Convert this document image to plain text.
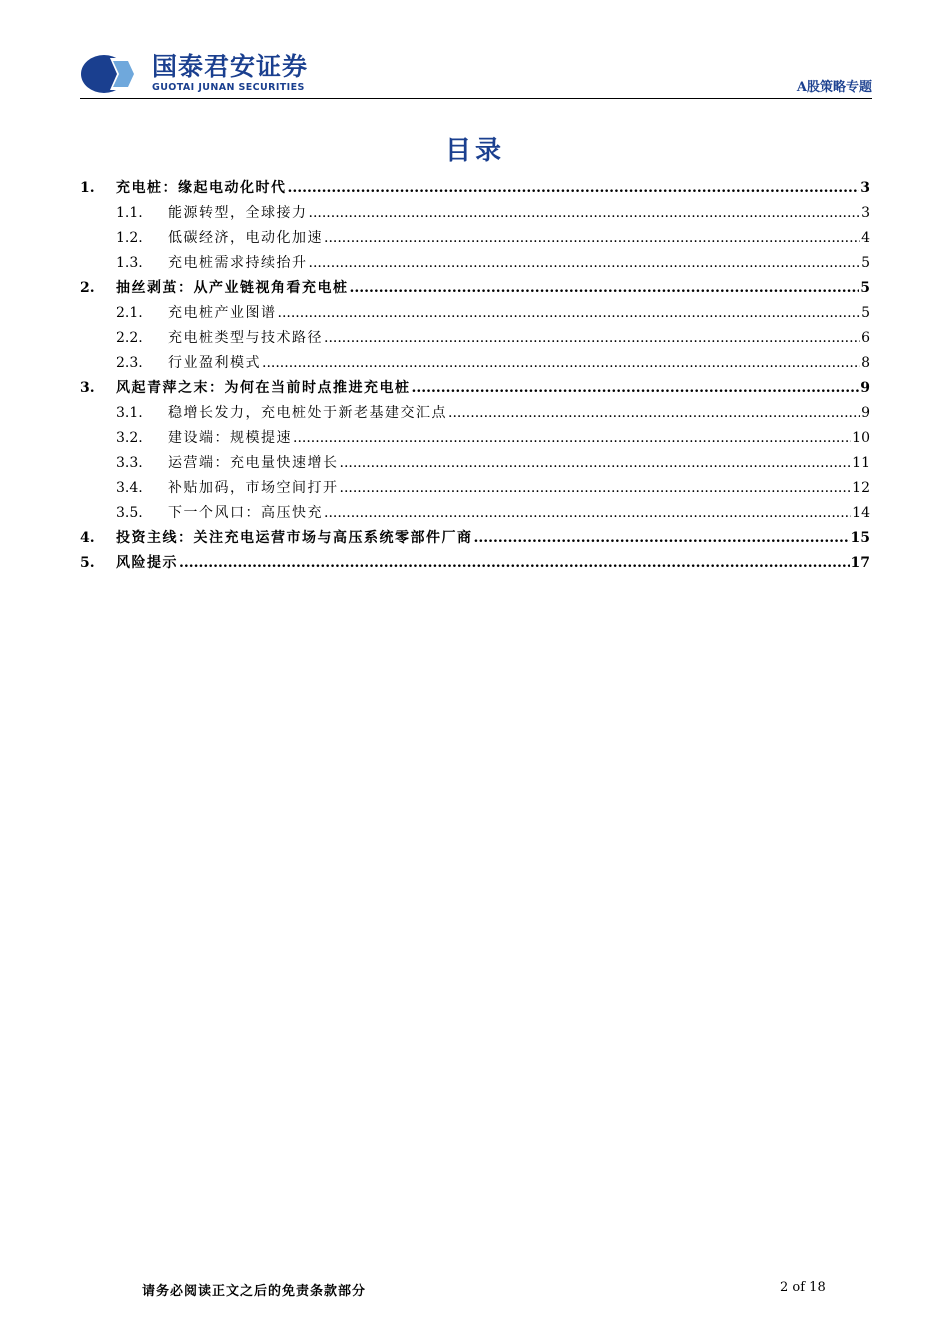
国泰君安证券
GUOTAI JUNAN SECURITIES	A股策略专题
目录
1.	充电桩：缘起电动化时代 .....	3
1.1.	能源转型，全球接力 .....	3
1.2.	低碳经济，电动化加速 .....	4
1.3.	充电桩需求持续抬升 .....	5
2.	抽丝剥茧：从产业链视角看充电桩 .....	5
2.1.	充电桩产业图谱 .....	5
2.2.	充电桩类型与技术路径 .....	6
2.3.	行业盈利模式 .....	8
3.	风起青萍之末：为何在当前时点推进充电桩 .....	9
3.1.	稳增长发力，充电桩处于新老基建交汇点 .....	9
3.2.	建设端：规模提速 .....	10
3.3.	运营端：充电量快速增长 .....	11
3.4.	补贴加码，市场空间打开 .....	12
3.5.	下一个风口：高压快充 .....	14
4.	投资主线：关注充电运营市场与高压系统零部件厂商 .....	15
5.	风险提示 .....	17
请务必阅读正文之后的免责条款部分	2 of 18
